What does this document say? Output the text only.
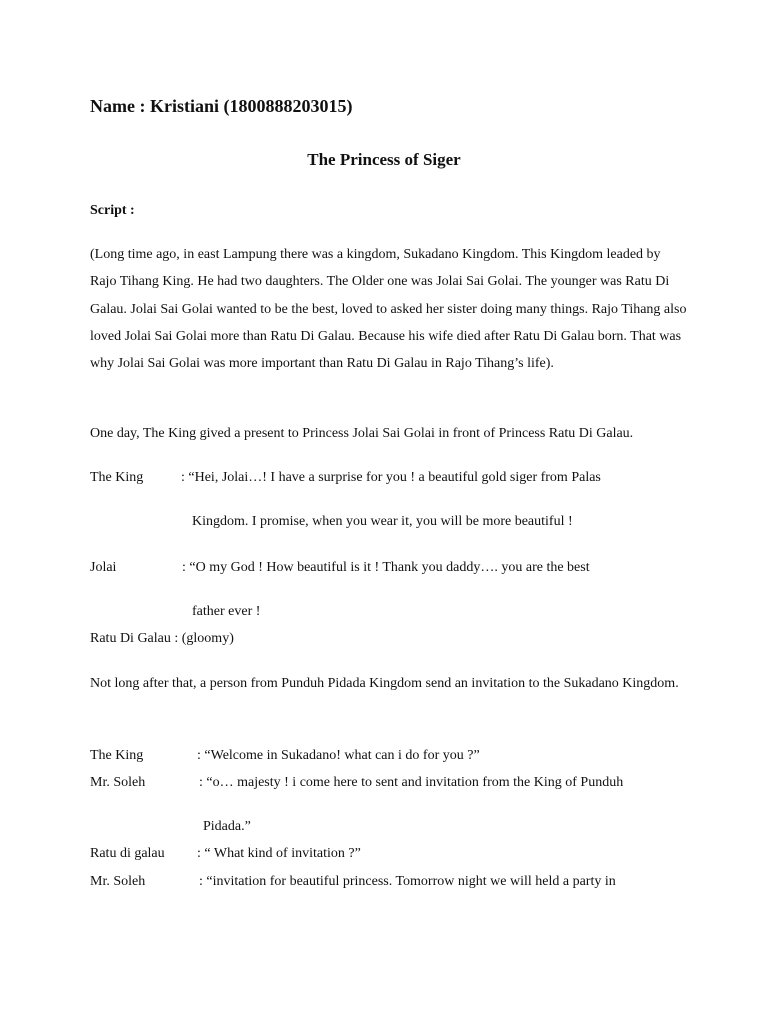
Name : Kristiani (1800888203015)
The Princess of Siger
Script :

(Long time ago, in east Lampung there was a kingdom, Sukadano Kingdom. This Kingdom leaded by Rajo Tihang King. He had two daughters. The Older one was Jolai Sai Golai. The younger was Ratu Di Galau. Jolai Sai Golai wanted to be the best, loved to asked her sister doing many things. Rajo Tihang also loved Jolai Sai Golai more than Ratu Di Galau. Because his wife died after Ratu Di Galau born. That was why Jolai Sai Golai was more important than Ratu Di Galau in Rajo Tihang’s life).

One day, The King gived a present to Princess Jolai Sai Golai in front of Princess Ratu Di Galau.

The King	: “Hei, Jolai…! I have a surprise for you ! a beautiful gold siger from Palas
Kingdom. I promise, when you wear it, you will be more beautiful !
Jolai	: “O my God ! How beautiful is it ! Thank you daddy…. you are the best
father ever !
Ratu Di Galau : (gloomy)

Not long after that, a person from Punduh Pidada Kingdom send an invitation to the Sukadano Kingdom.

The King	: “Welcome in Sukadano! what can i do for you ?”
Mr. Soleh	: “o… majesty ! i come here to sent and invitation from the King of Punduh
Pidada.”
Ratu di galau : “ What kind of invitation ?”
Mr. Soleh	: “invitation for beautiful princess. Tomorrow night we will held a party in
